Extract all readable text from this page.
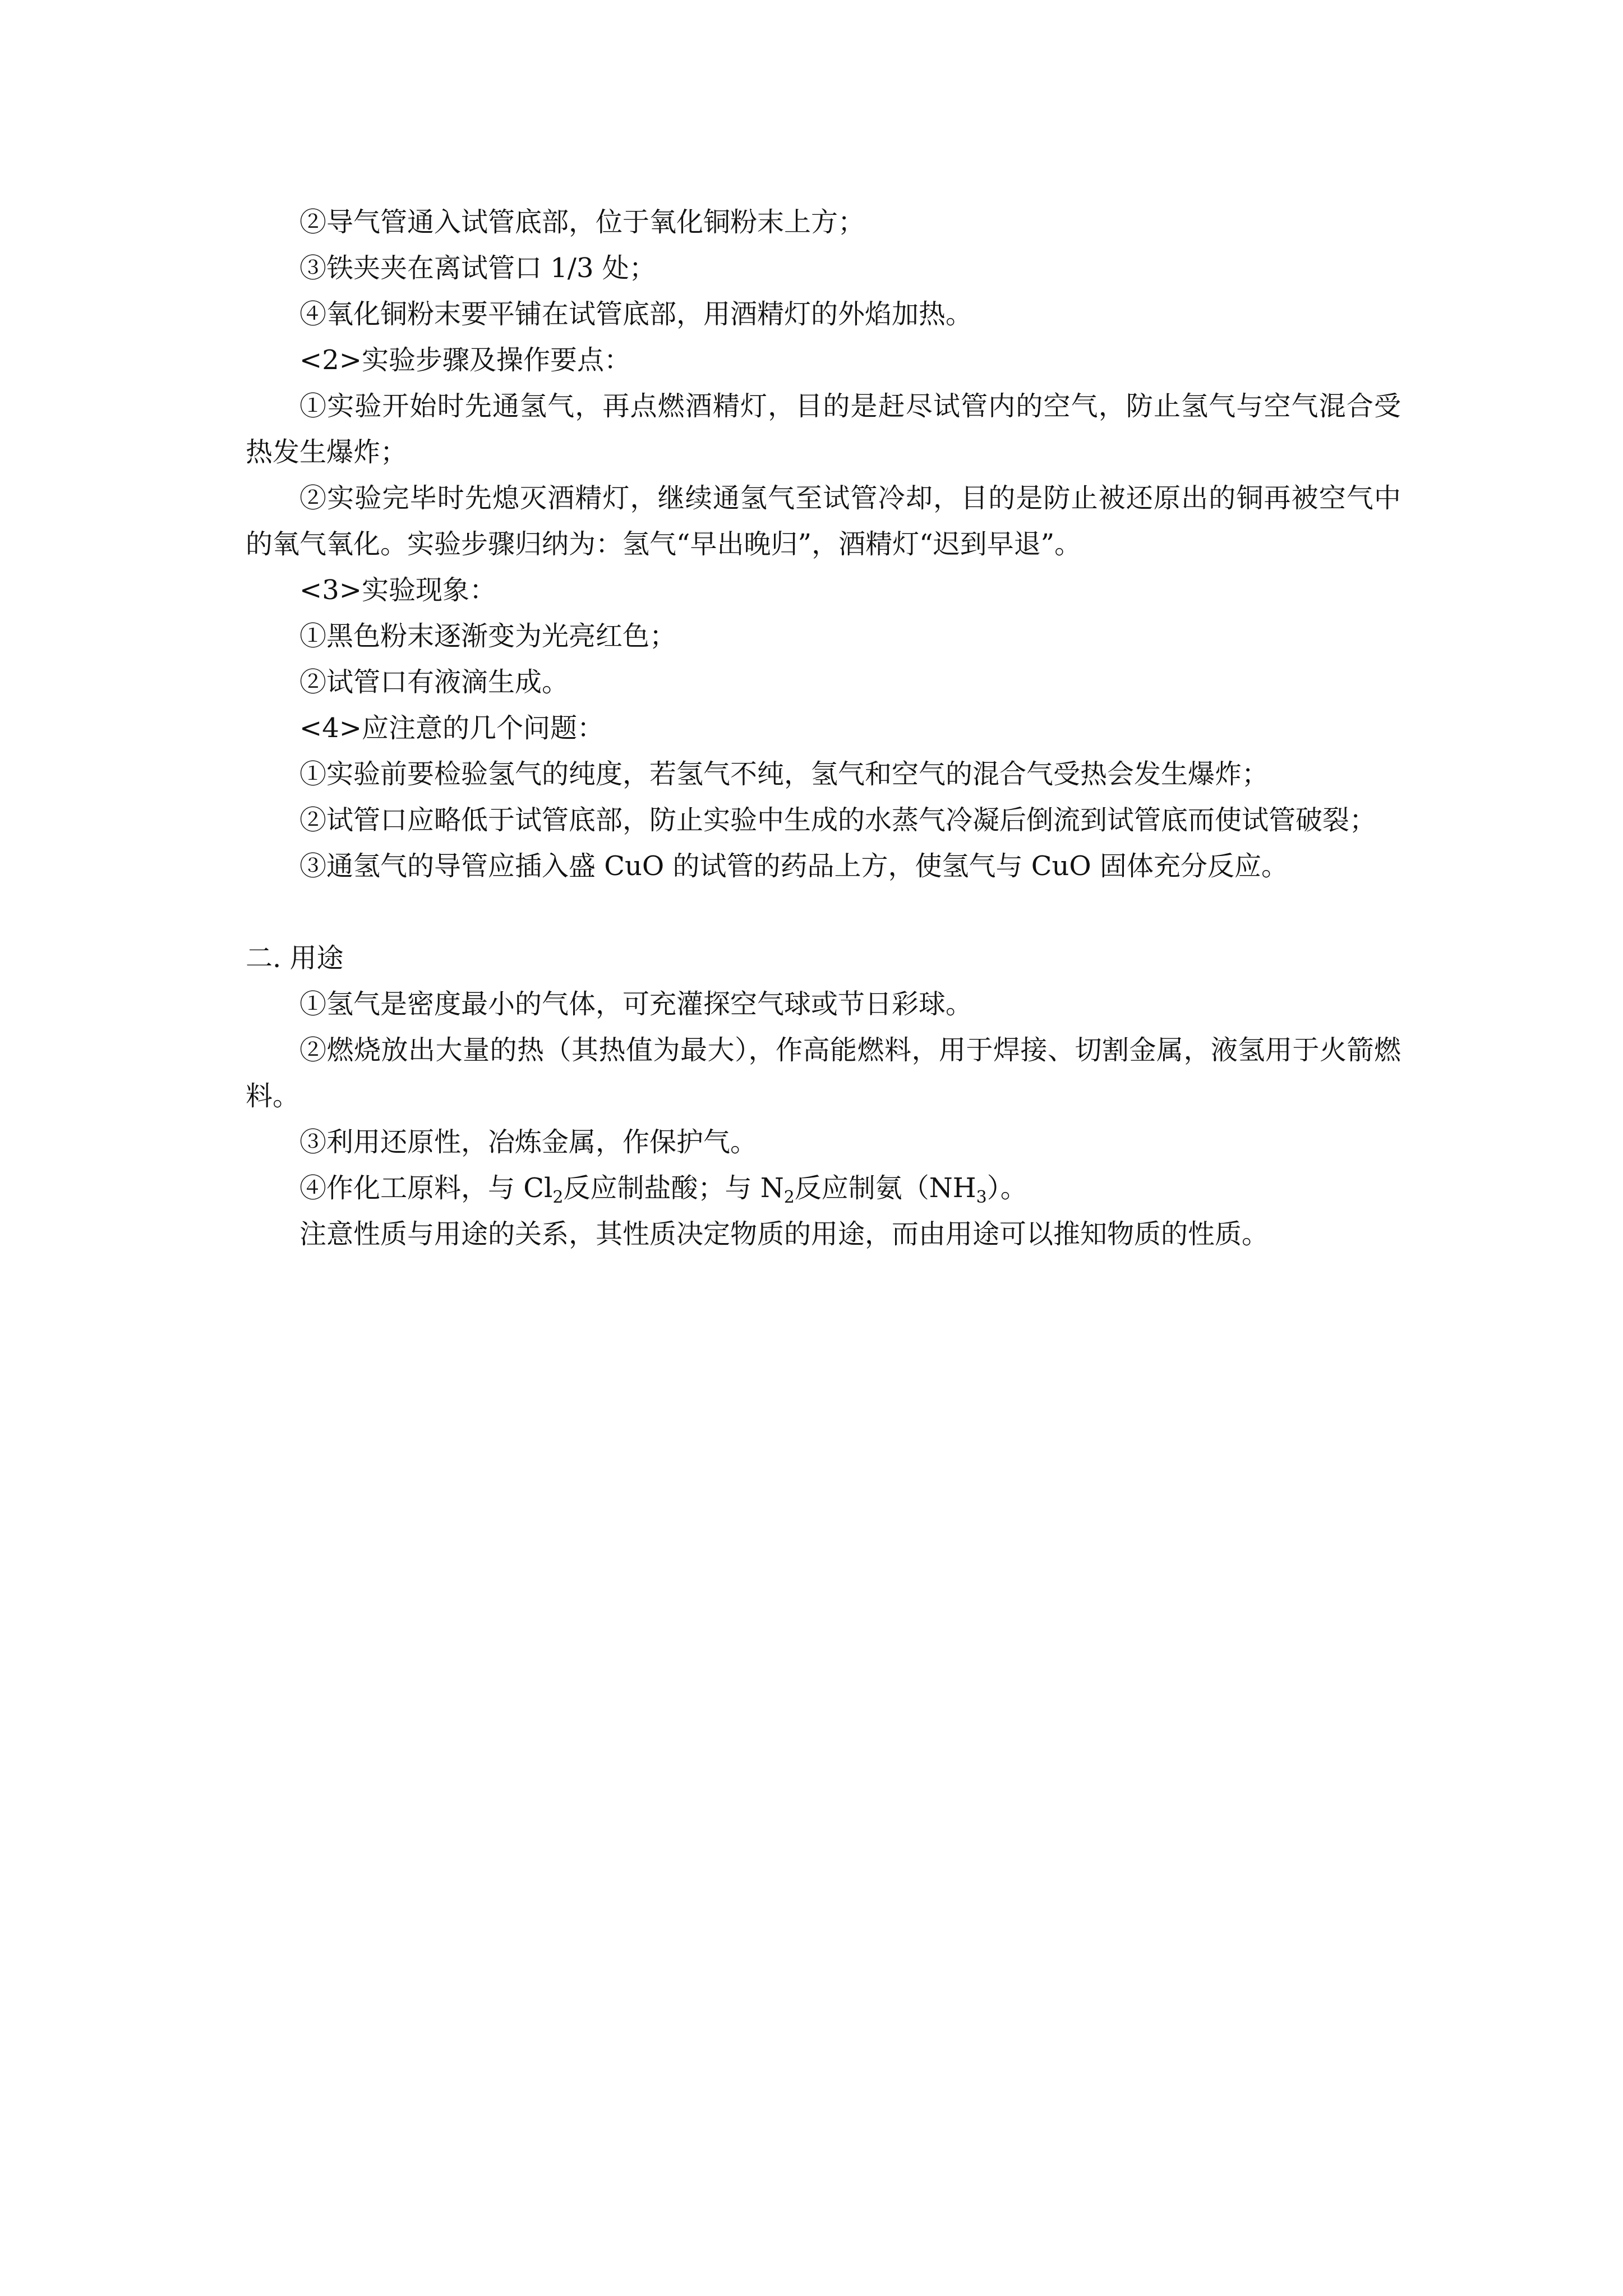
②导气管通入试管底部，位于氧化铜粉末上方；

③铁夹夹在离试管口 1/3 处；

④氧化铜粉末要平铺在试管底部，用酒精灯的外焰加热。

<2>实验步骤及操作要点：

①实验开始时先通氢气，再点燃酒精灯，目的是赶尽试管内的空气，防止氢气与空气混合受热发生爆炸；

②实验完毕时先熄灭酒精灯，继续通氢气至试管冷却，目的是防止被还原出的铜再被空气中的氧气氧化。实验步骤归纳为：氢气“早出晚归”，酒精灯“迟到早退”。

<3>实验现象：

①黑色粉末逐渐变为光亮红色；

②试管口有液滴生成。

<4>应注意的几个问题：

①实验前要检验氢气的纯度，若氢气不纯，氢气和空气的混合气受热会发生爆炸；

②试管口应略低于试管底部，防止实验中生成的水蒸气冷凝后倒流到试管底而使试管破裂；

③通氢气的导管应插入盛 CuO 的试管的药品上方，使氢气与 CuO 固体充分反应。

二. 用途

①氢气是密度最小的气体，可充灌探空气球或节日彩球。

②燃烧放出大量的热（其热值为最大），作高能燃料，用于焊接、切割金属，液氢用于火箭燃料。

③利用还原性，冶炼金属，作保护气。

④作化工原料，与 $Cl_2$反应制盐酸；与 $N_2$反应制氨$(NH_3)$。

注意性质与用途的关系，其性质决定物质的用途，而由用途可以推知物质的性质。
